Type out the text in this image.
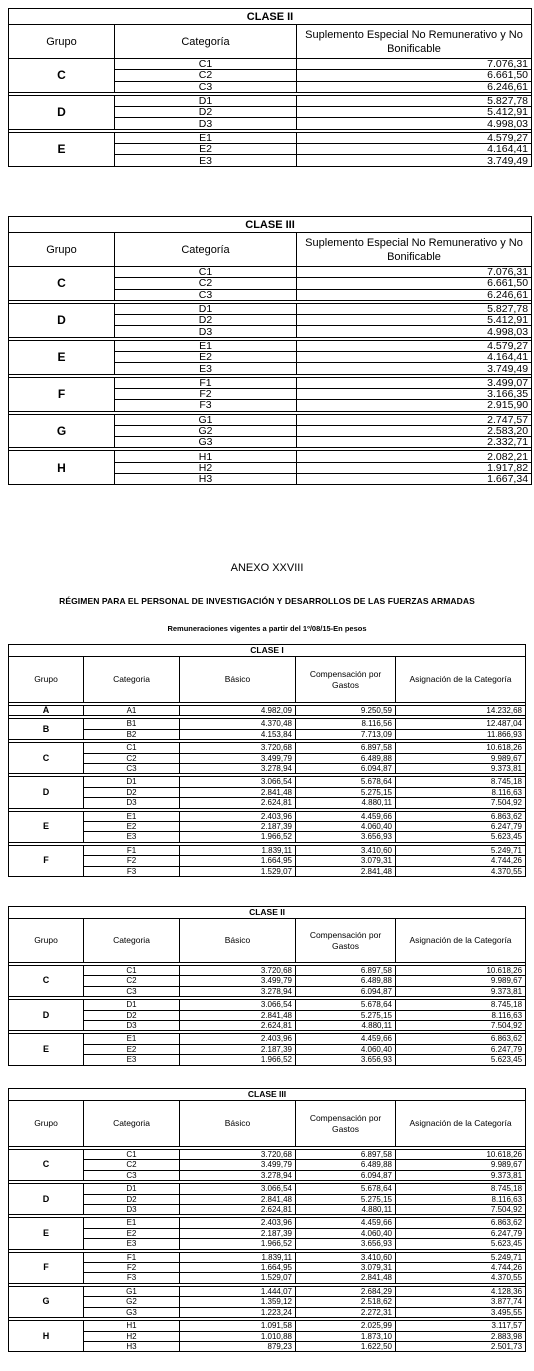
CLASE II		
Grupo	Categoría	Suplemento Especial No Remunerativo y No Bonificable
C	C1	7.076,31
	C2	6.661,50
	C3	6.246,61

D	D1	5.827,78
	D2	5.412,91
	D3	4.998,03

E	E1	4.579,27
	E2	4.164,41
	E3	3.749,49
CLASE III		
Grupo	Categoría	Suplemento Especial No Remunerativo y No Bonificable
C	C1	7.076,31
	C2	6.661,50
	C3	6.246,61

D	D1	5.827,78
	D2	5.412,91
	D3	4.998,03

E	E1	4.579,27
	E2	4.164,41
	E3	3.749,49

F	F1	3.499,07
	F2	3.166,35
	F3	2.915,90

G	G1	2.747,57
	G2	2.583,20
	G3	2.332,71

H	H1	2.082,21
	H2	1.917,82
	H3	1.667,34
CLASE I				
Grupo	Categoria	Básico	Compensación por Gastos	Asignación de la Categoría

A	A1	4.982,09	9.250,59	14.232,68

B	B1	4.370,48	8.116,56	12.487,04
	B2	4.153,84	7.713,09	11.866,93

C	C1	3.720,68	6.897,58	10.618,26
	C2	3.499,79	6.489,88	9.989,67
	C3	3.278,94	6.094,87	9.373,81

D	D1	3.066,54	5.678,64	8.745,18
	D2	2.841,48	5.275,15	8.116,63
	D3	2.624,81	4.880,11	7.504,92

E	E1	2.403,96	4.459,66	6.863,62
	E2	2.187,39	4.060,40	6.247,79
	E3	1.966,52	3.656,93	5.623,45

F	F1	1.839,11	3.410,60	5.249,71
	F2	1.664,95	3.079,31	4.744,26
	F3	1.529,07	2.841,48	4.370,55
CLASE II				
Grupo	Categoria	Básico	Compensación por Gastos	Asignación de la Categoría

C	C1	3.720,68	6.897,58	10.618,26
	C2	3.499,79	6.489,88	9.989,67
	C3	3.278,94	6.094,87	9.373,81

D	D1	3.066,54	5.678,64	8.745,18
	D2	2.841,48	5.275,15	8.116,63
	D3	2.624,81	4.880,11	7.504,92

E	E1	2.403,96	4.459,66	6.863,62
	E2	2.187,39	4.060,40	6.247,79
	E3	1.966,52	3.656,93	5.623,45
CLASE III				
Grupo	Categoria	Básico	Compensación por Gastos	Asignación de la Categoría

C	C1	3.720,68	6.897,58	10.618,26
	C2	3.499,79	6.489,88	9.989,67
	C3	3.278,94	6.094,87	9.373,81

D	D1	3.066,54	5.678,64	8.745,18
	D2	2.841,48	5.275,15	8.116,63
	D3	2.624,81	4.880,11	7.504,92

E	E1	2.403,96	4.459,66	6.863,62
	E2	2.187,39	4.060,40	6.247,79
	E3	1.966,52	3.656,93	5.623,45

F	F1	1.839,11	3.410,60	5.249,71
	F2	1.664,95	3.079,31	4.744,26
	F3	1.529,07	2.841,48	4.370,55

G	G1	1.444,07	2.684,29	4.128,36
	G2	1.359,12	2.518,62	3.877,74
	G3	1.223,24	2.272,31	3.495,55

H	H1	1.091,58	2.025,99	3.117,57
	H2	1.010,88	1.873,10	2.883,98
	H3	879,23	1.622,50	2.501,73
ANEXO XXVIII
RÉGIMEN PARA EL PERSONAL DE INVESTIGACIÓN Y DESARROLLOS DE LAS FUERZAS ARMADAS
Remuneraciones vigentes a partir del 1º/08/15-En pesos
